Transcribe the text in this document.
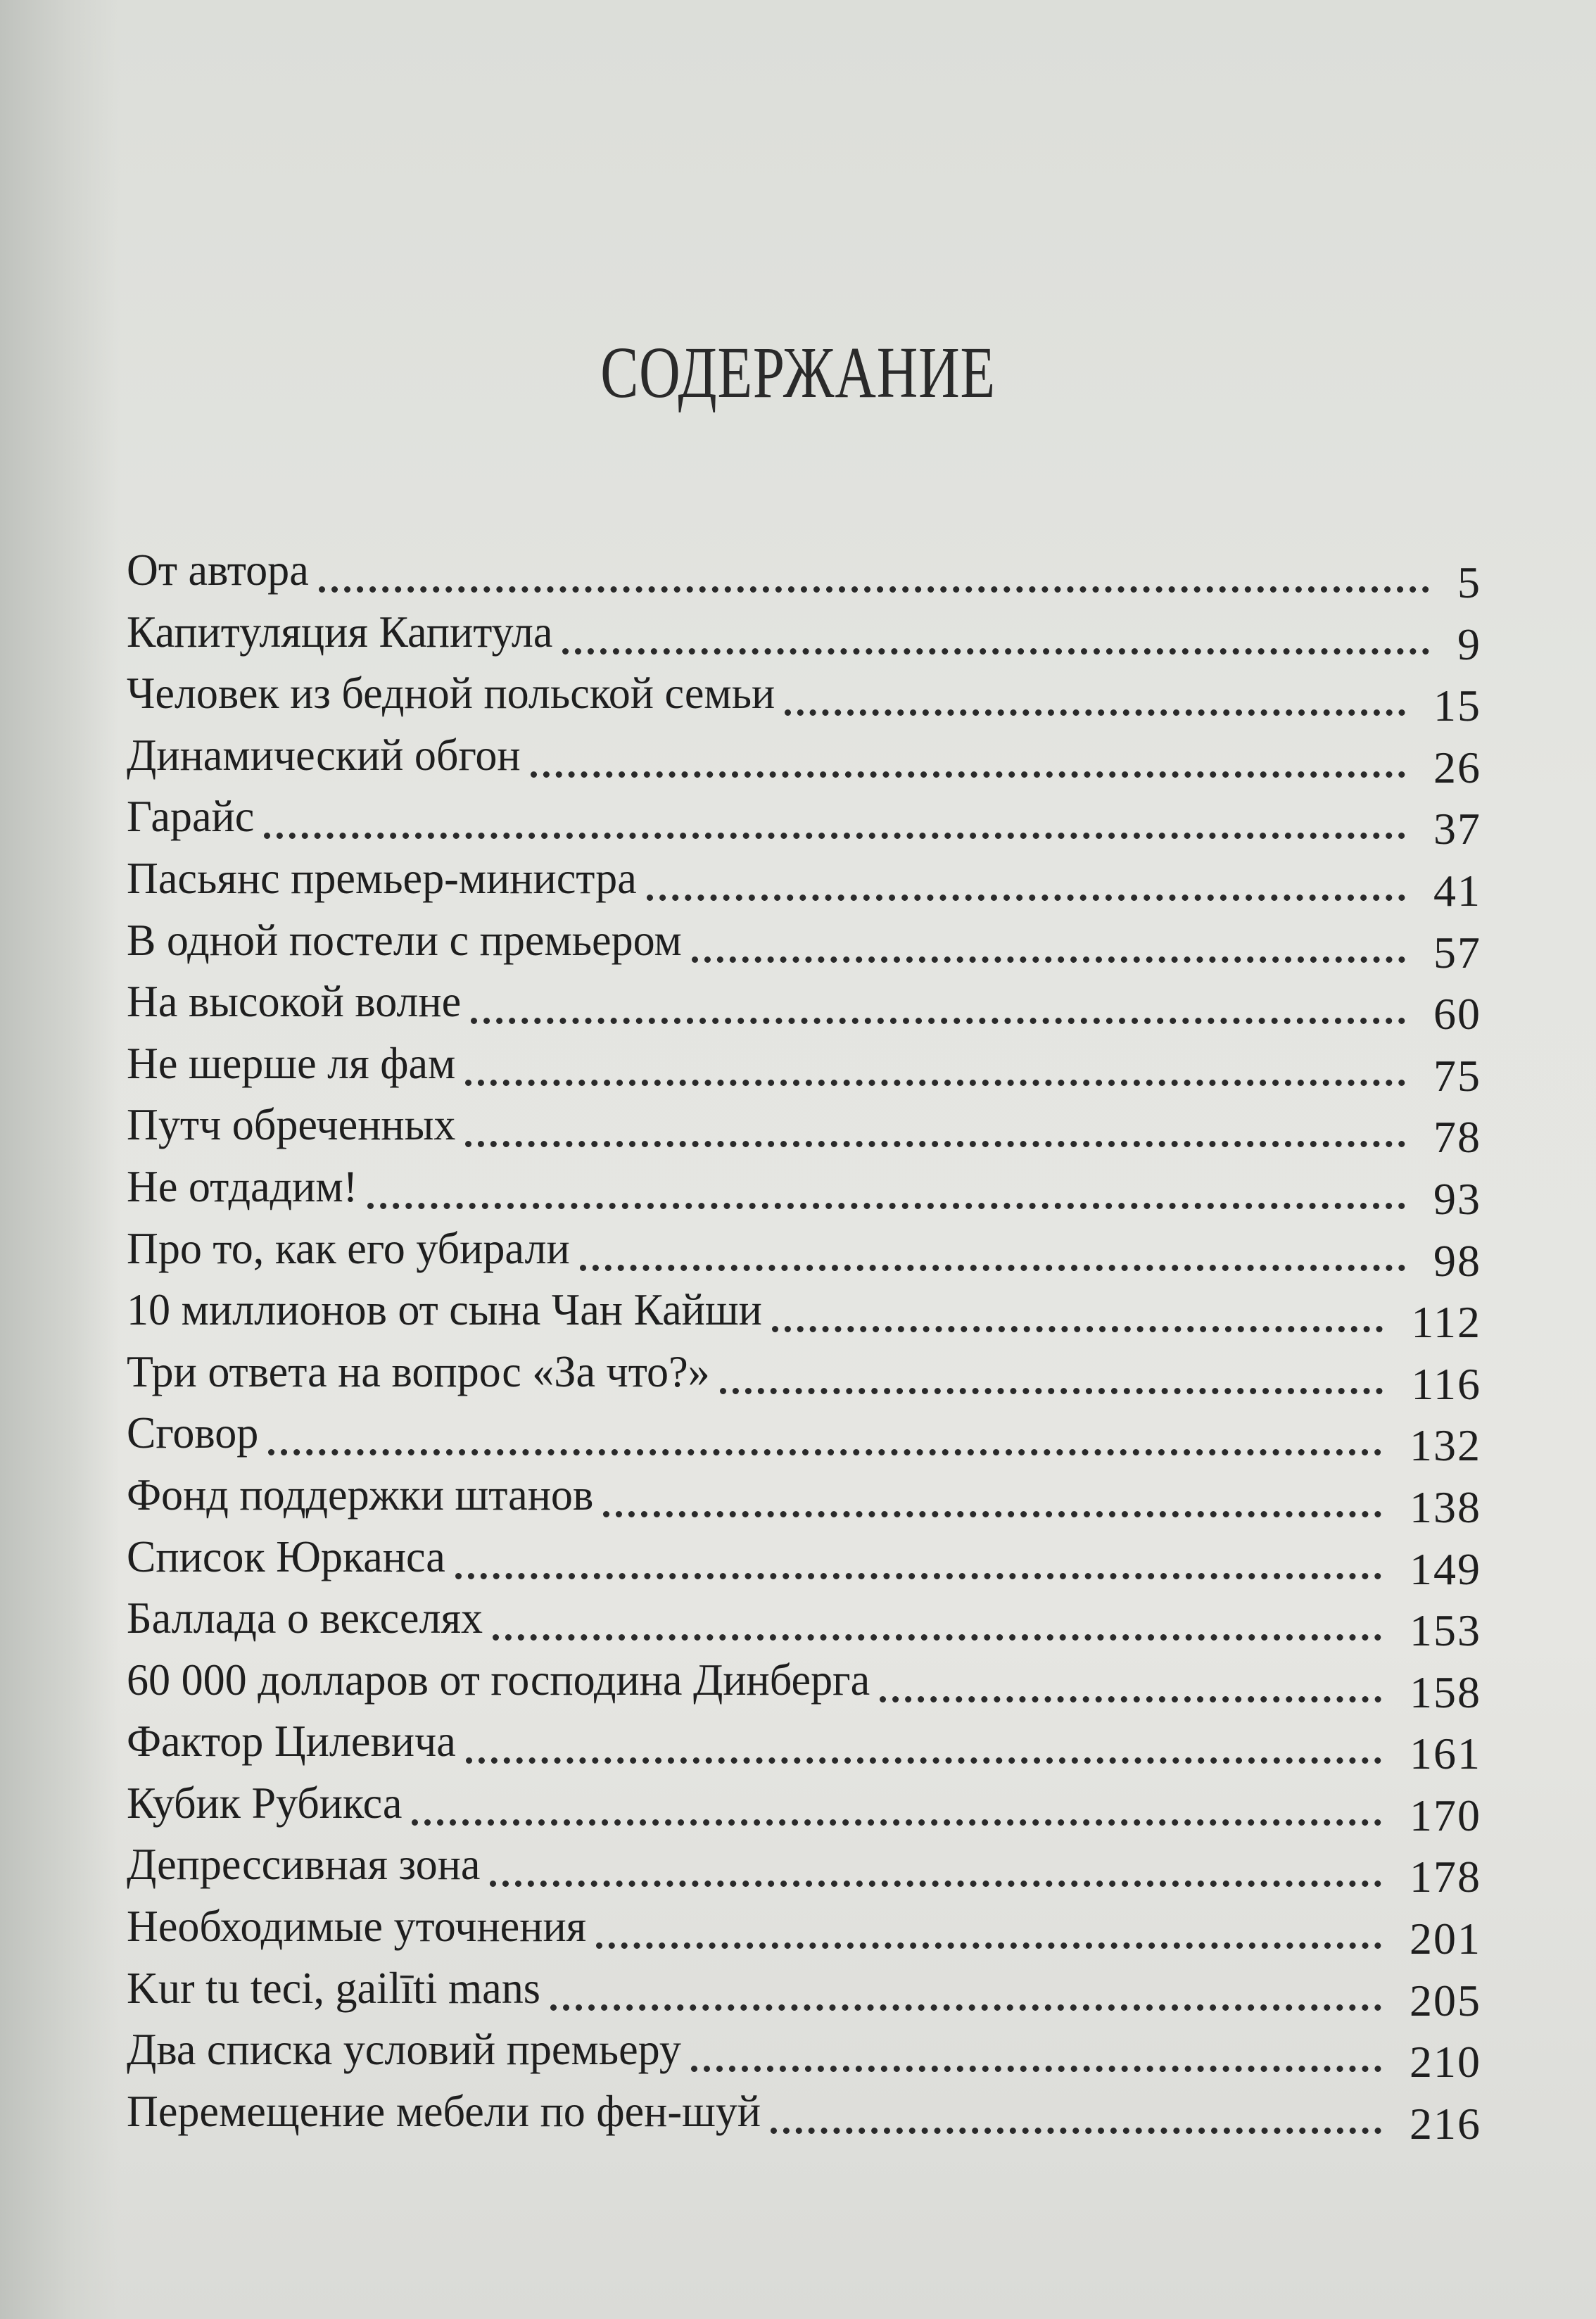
СОДЕРЖАНИЕ
От автора	5
Капитуляция Капитула	9
Человек из бедной польской семьи	15
Динамический обгон	26
Гарайс	37
Пасьянс премьер-министра	41
В одной постели с премьером	57
На высокой волне	60
Не шерше ля фам	75
Путч обреченных	78
Не отдадим!	93
Про то, как его убирали	98
10 миллионов от сына Чан Кайши	112
Три ответа на вопрос «За что?»	116
Сговор	132
Фонд поддержки штанов	138
Список Юрканса	149
Баллада о векселях	153
60 000 долларов от господина Динберга	158
Фактор Цилевича	161
Кубик Рубикса	170
Депрессивная зона	178
Необходимые уточнения	201
Kur tu teci, gailīti mans	205
Два списка условий премьеру	210
Перемещение мебели по фен-шуй	216
